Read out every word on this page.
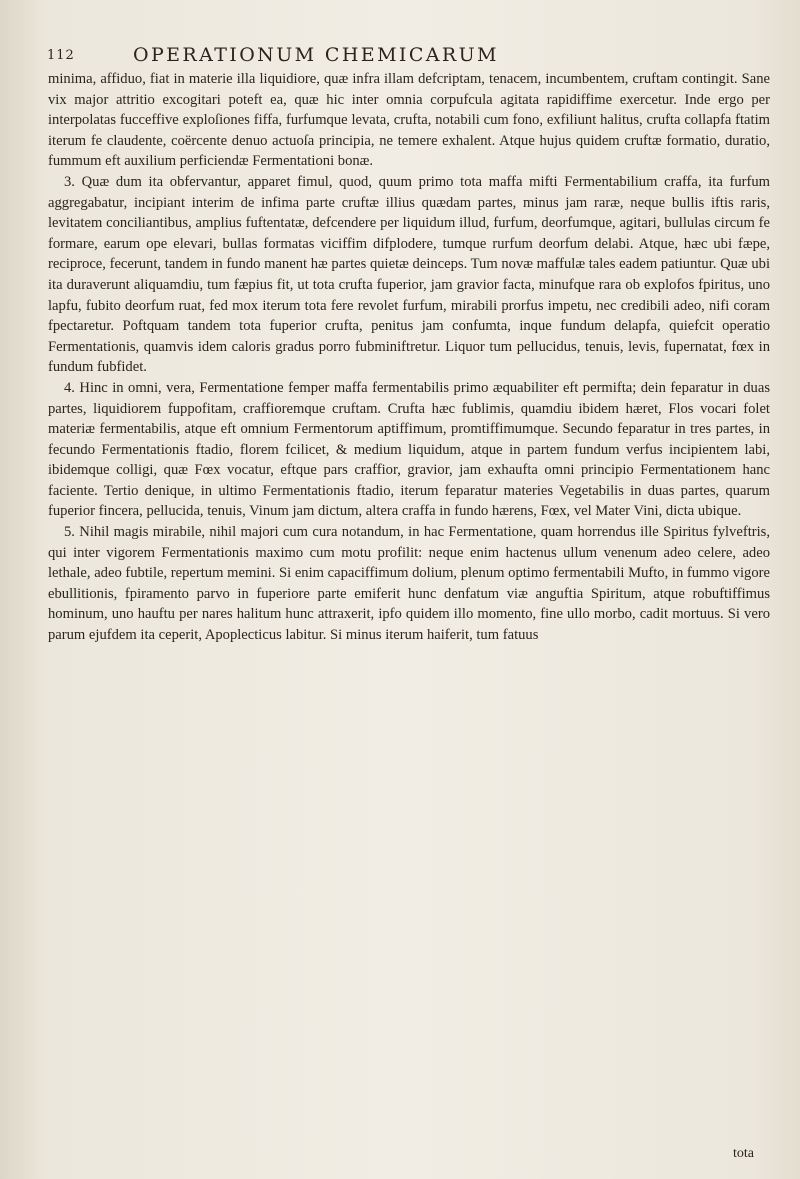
112	OPERATIONUM CHEMICARUM

minima, affiduo, fiat in materie illa liquidiore, quæ infra illam defcriptam, tenacem, incumbentem, cruftam contingit. Sane vix major attritio excogitari poteft ea, quæ hic inter omnia corpufcula agitata rapidiffime exercetur. Inde ergo per interpolatas fucceffive exploſiones fiffa, furfumque levata, crufta, notabili cum fono, exfiliunt halitus, crufta collapfa ftatim iterum fe claudente, coërcente denuo actuoſa principia, ne temere exhalent. Atque hujus quidem cruftæ formatio, duratio, fummum eft auxilium perficiendæ Fermentationi bonæ.

3. Quæ dum ita obfervantur, apparet fimul, quod, quum primo tota maffa mifti Fermentabilium craffa, ita furfum aggregabatur, incipiant interim de infima parte cruftæ illius quædam partes, minus jam raræ, neque bullis iftis raris, levitatem conciliantibus, amplius fuftentatæ, defcendere per liquidum illud, furfum, deorfumque, agitari, bullulas circum fe formare, earum ope elevari, bullas formatas viciffim difplodere, tumque rurfum deorfum delabi. Atque, hæc ubi fæpe, reciproce, fecerunt, tandem in fundo manent hæ partes quietæ deinceps. Tum novæ maffulæ tales eadem patiuntur. Quæ ubi ita duraverunt aliquamdiu, tum fæpius fit, ut tota crufta fuperior, jam gravior facta, minufque rara ob explofos fpiritus, uno lapfu, fubito deorfum ruat, fed mox iterum tota fere revolet furfum, mirabili prorfus impetu, nec credibili adeo, nifi coram fpectaretur. Poftquam tandem tota fuperior crufta, penitus jam confumta, inque fundum delapfa, quiefcit operatio Fermentationis, quamvis idem caloris gradus porro fubminiftretur. Liquor tum pellucidus, tenuis, levis, fupernatat, fœx in fundum fubfidet.

4. Hinc in omni, vera, Fermentatione femper maffa fermentabilis primo æquabiliter eft permifta; dein feparatur in duas partes, liquidiorem fuppofitam, craffioremque cruftam. Crufta hæc fublimis, quamdiu ibidem hæret, Flos vocari folet materiæ fermentabilis, atque eft omnium Fermentorum aptiffimum, promtiffimumque. Secundo feparatur in tres partes, in fecundo Fermentationis ftadio, florem fcilicet, & medium liquidum, atque in partem fundum verfus incipientem labi, ibidemque colligi, quæ Fœx vocatur, eftque pars craffior, gravior, jam exhaufta omni principio Fermentationem hanc faciente. Tertio denique, in ultimo Fermentationis ftadio, iterum feparatur materies Vegetabilis in duas partes, quarum fuperior fincera, pellucida, tenuis, Vinum jam dictum, altera craffa in fundo hærens, Fœx, vel Mater Vini, dicta ubique.

5. Nihil magis mirabile, nihil majori cum cura notandum, in hac Fermentatione, quam horrendus ille Spiritus fylveftris, qui inter vigorem Fermentationis maximo cum motu profilit: neque enim hactenus ullum venenum adeo celere, adeo lethale, adeo fubtile, repertum memini. Si enim capaciffimum dolium, plenum optimo fermentabili Mufto, in fummo vigore ebullitionis, fpiramento parvo in fuperiore parte emiferit hunc denfatum viæ anguftia Spiritum, atque robuftiffimus hominum, uno hauftu per nares halitum hunc attraxerit, ipfo quidem illo momento, fine ullo morbo, cadit mortuus. Si vero parum ejufdem ita ceperit, Apoplecticus labitur. Si minus iterum haiferit, tum fatuus

tota
